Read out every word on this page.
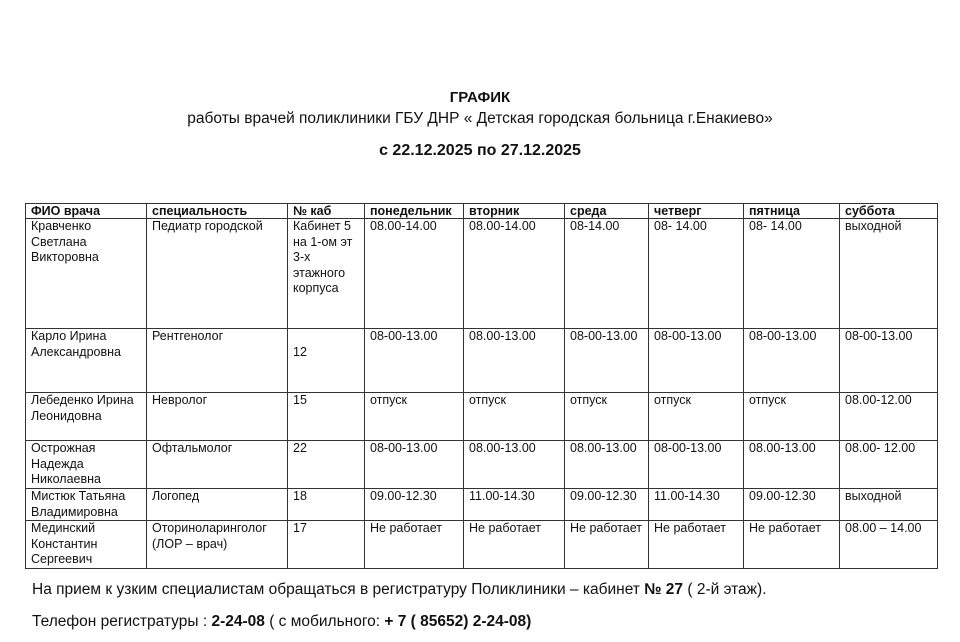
ГРАФИК
работы врачей поликлиники ГБУ ДНР « Детская городская больница г.Енакиево»
с 22.12.2025 по 27.12.2025
ФИО врача	специальность	№ каб	понедельник	вторник	среда	четверг	пятница	суббота
Кравченко Светлана Викторовна	Педиатр городской	Кабинет 5 на 1-ом эт 3-х этажного корпуса	08.00-14.00	08.00-14.00	08-14.00	08- 14.00	08- 14.00	выходной
Карло Ирина Александровна	Рентгенолог	12	08-00-13.00	08.00-13.00	08-00-13.00	08-00-13.00	08-00-13.00	08-00-13.00
Лебеденко Ирина Леонидовна	Невролог	15	отпуск	отпуск	отпуск	отпуск	отпуск	08.00-12.00
Острожная Надежда Николаевна	Офтальмолог	22	08-00-13.00	08.00-13.00	08.00-13.00	08-00-13.00	08.00-13.00	08.00- 12.00
Мистюк Татьяна Владимировна	Логопед	18	09.00-12.30	11.00-14.30	09.00-12.30	11.00-14.30	09.00-12.30	выходной
Мединский Константин Сергеевич	Оториноларинголог (ЛОР – врач)	17	Не работает	Не работает	Не работает	Не работает	Не работает	08.00 – 14.00
На прием к узким специалистам обращаться в регистратуру Поликлиники – кабинет № 27 ( 2-й этаж).
Телефон регистратуры : 2-24-08 ( с мобильного: + 7 ( 85652) 2-24-08)
